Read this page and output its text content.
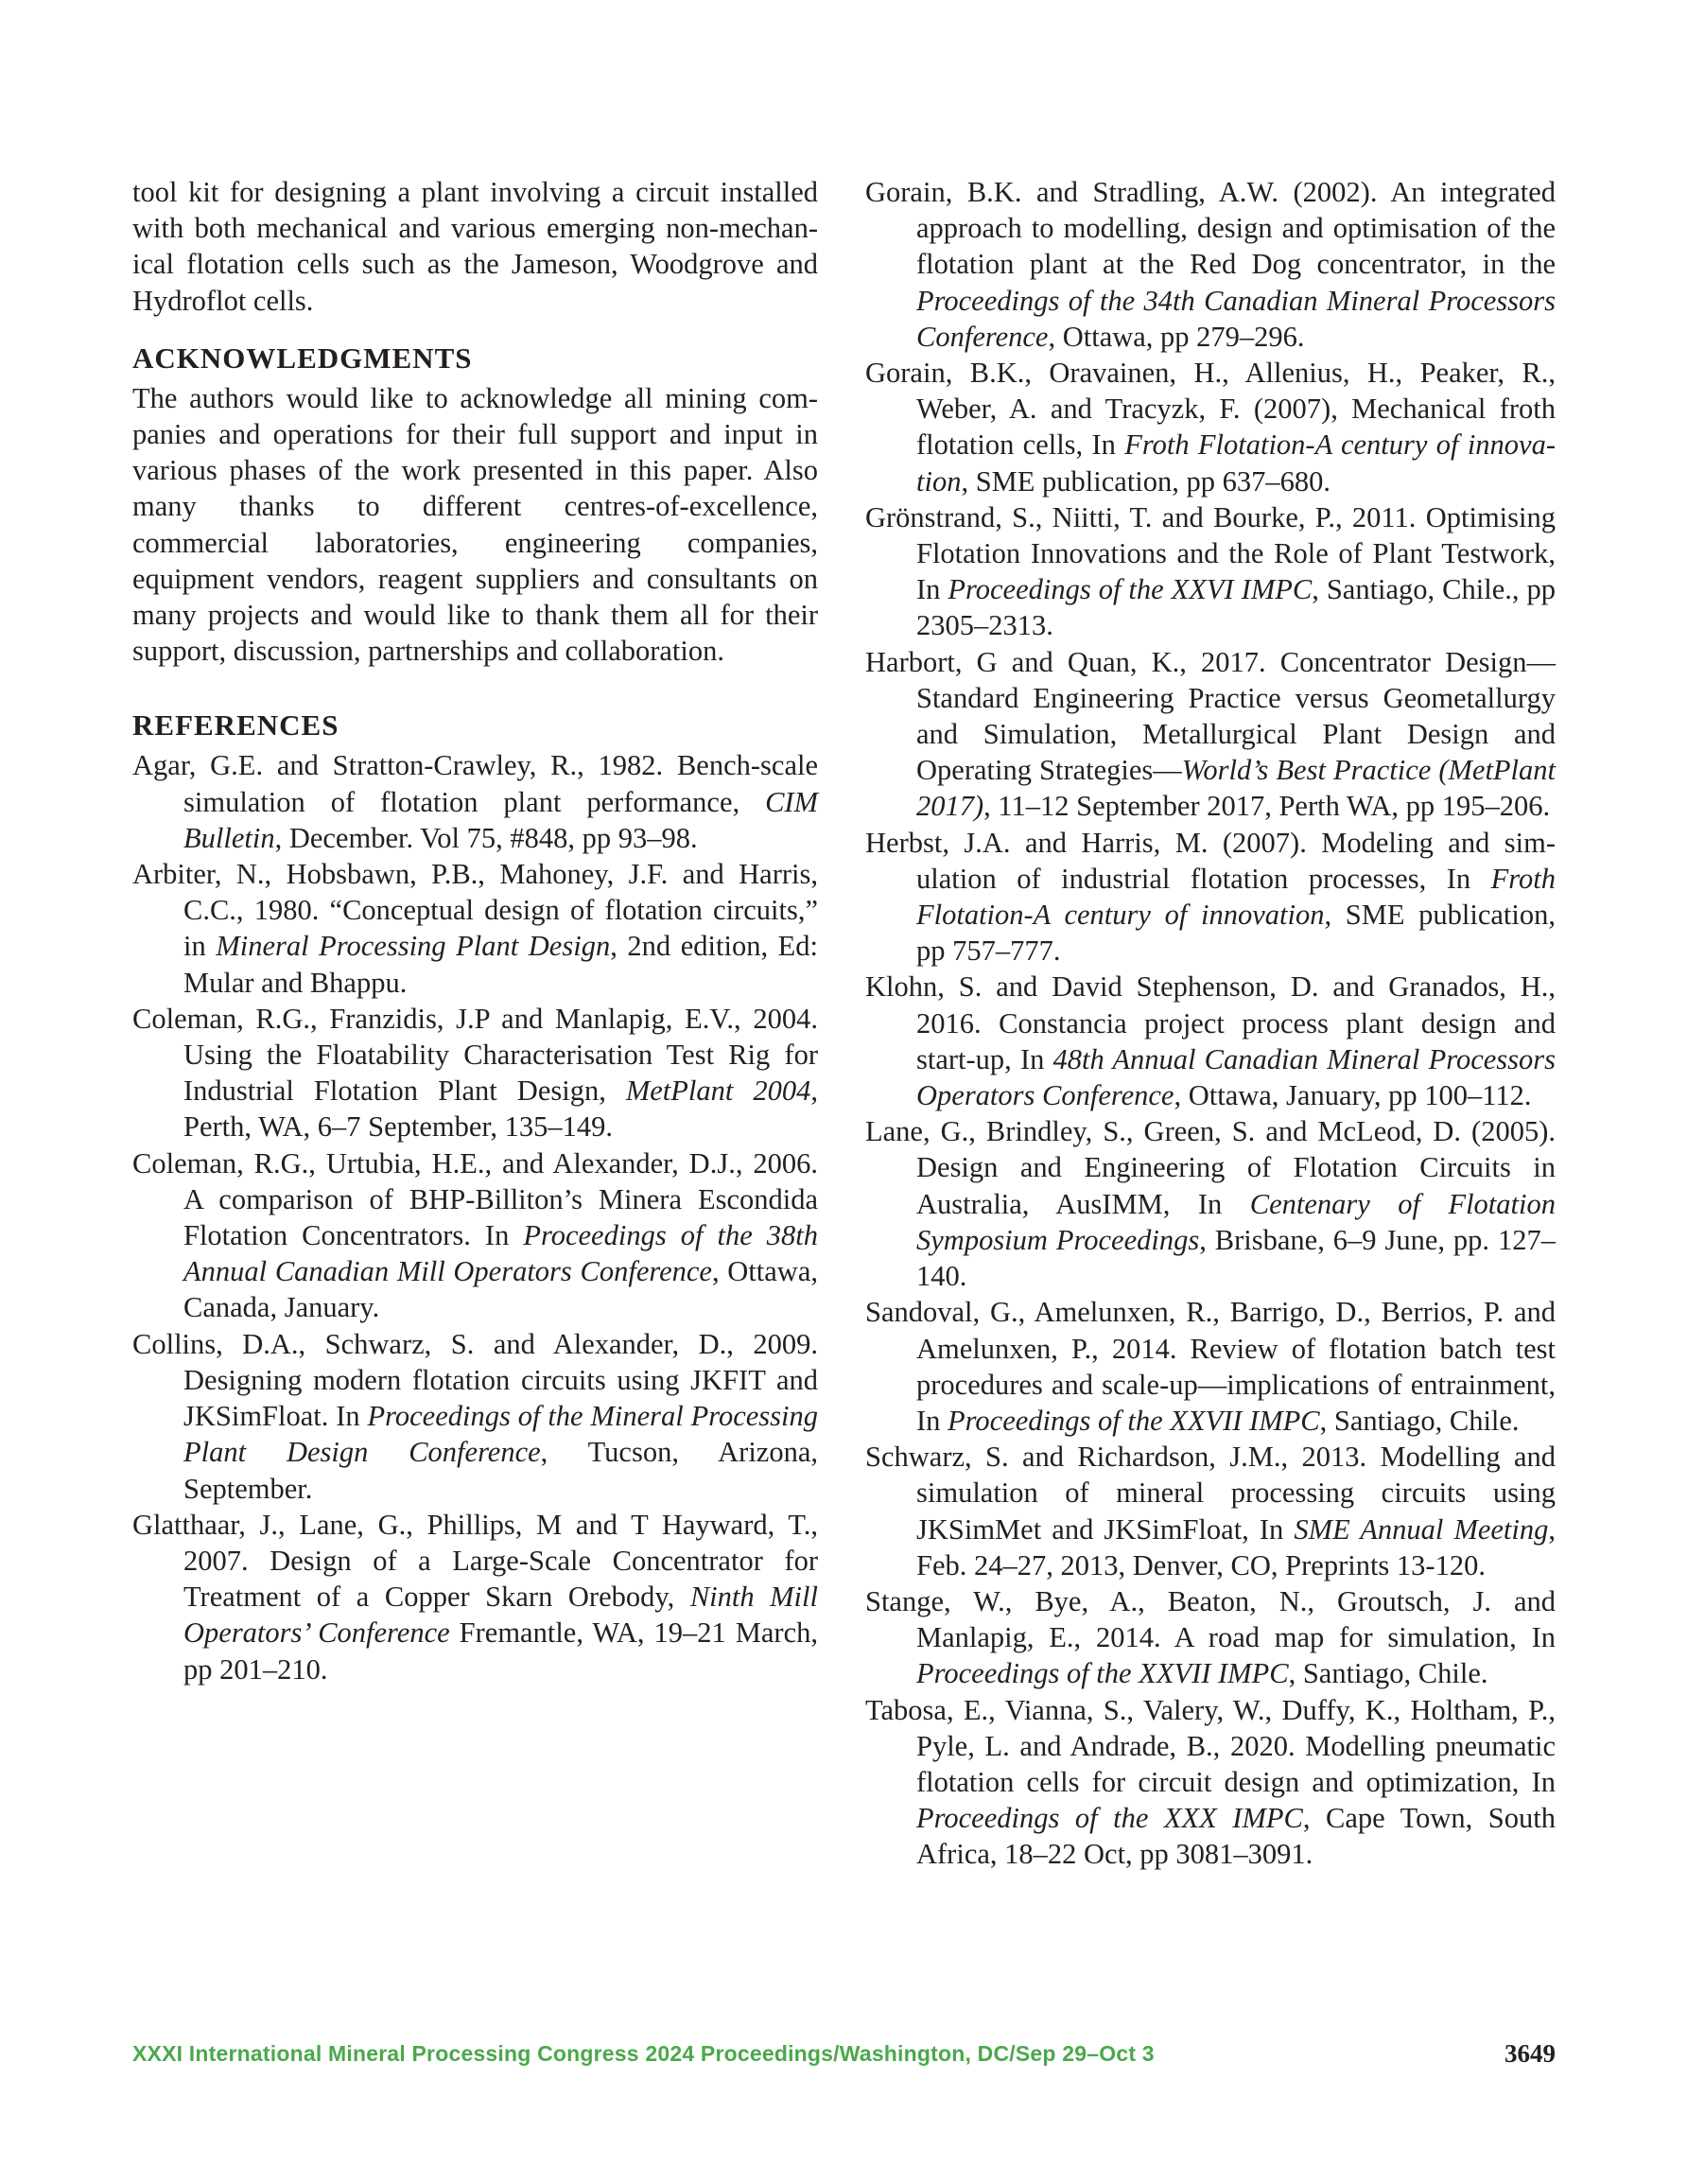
tool kit for designing a plant involving a circuit installed with both mechanical and various emerging non-mechanical flotation cells such as the Jameson, Woodgrove and Hydroflot cells.

ACKNOWLEDGMENTS

The authors would like to acknowledge all mining companies and operations for their full support and input in various phases of the work presented in this paper. Also many thanks to different centres-of-excellence, commercial laboratories, engineering companies, equipment vendors, reagent suppliers and consultants on many projects and would like to thank them all for their support, discussion, partnerships and collaboration.

REFERENCES

Agar, G.E. and Stratton-Crawley, R., 1982. Bench-scale simulation of flotation plant performance, CIM Bulletin, December. Vol 75, #848, pp 93–98.

Arbiter, N., Hobsbawn, P.B., Mahoney, J.F. and Harris, C.C., 1980. “Conceptual design of flotation circuits,” in Mineral Processing Plant Design, 2nd edition, Ed: Mular and Bhappu.

Coleman, R.G., Franzidis, J.P and Manlapig, E.V., 2004. Using the Floatability Characterisation Test Rig for Industrial Flotation Plant Design, MetPlant 2004, Perth, WA, 6–7 September, 135–149.

Coleman, R.G., Urtubia, H.E., and Alexander, D.J., 2006. A comparison of BHP-Billiton’s Minera Escondida Flotation Concentrators. In Proceedings of the 38th Annual Canadian Mill Operators Conference, Ottawa, Canada, January.

Collins, D.A., Schwarz, S. and Alexander, D., 2009. Designing modern flotation circuits using JKFIT and JKSimFloat. In Proceedings of the Mineral Processing Plant Design Conference, Tucson, Arizona, September.

Glatthaar, J., Lane, G., Phillips, M and T Hayward, T., 2007. Design of a Large-Scale Concentrator for Treatment of a Copper Skarn Orebody, Ninth Mill Operators’ Conference Fremantle, WA, 19–21 March, pp 201–210.

Gorain, B.K. and Stradling, A.W. (2002). An integrated approach to modelling, design and optimisation of the flotation plant at the Red Dog concentrator, in the Proceedings of the 34th Canadian Mineral Processors Conference, Ottawa, pp 279–296.

Gorain, B.K., Oravainen, H., Allenius, H., Peaker, R., Weber, A. and Tracyzk, F. (2007), Mechanical froth flotation cells, In Froth Flotation-A century of innovation, SME publication, pp 637–680.

Grönstrand, S., Niitti, T. and Bourke, P., 2011. Optimising Flotation Innovations and the Role of Plant Testwork, In Proceedings of the XXVI IMPC, Santiago, Chile., pp 2305–2313.

Harbort, G and Quan, K., 2017. Concentrator Design—Standard Engineering Practice versus Geometallurgy and Simulation, Metallurgical Plant Design and Operating Strategies—World’s Best Practice (MetPlant 2017), 11–12 September 2017, Perth WA, pp 195–206.

Herbst, J.A. and Harris, M. (2007). Modeling and simulation of industrial flotation processes, In Froth Flotation-A century of innovation, SME publication, pp 757–777.

Klohn, S. and David Stephenson, D. and Granados, H., 2016. Constancia project process plant design and start-up, In 48th Annual Canadian Mineral Processors Operators Conference, Ottawa, January, pp 100–112.

Lane, G., Brindley, S., Green, S. and McLeod, D. (2005). Design and Engineering of Flotation Circuits in Australia, AusIMM, In Centenary of Flotation Symposium Proceedings, Brisbane, 6–9 June, pp. 127–140.

Sandoval, G., Amelunxen, R., Barrigo, D., Berrios, P. and Amelunxen, P., 2014. Review of flotation batch test procedures and scale-up—implications of entrainment, In Proceedings of the XXVII IMPC, Santiago, Chile.

Schwarz, S. and Richardson, J.M., 2013. Modelling and simulation of mineral processing circuits using JKSimMet and JKSimFloat, In SME Annual Meeting, Feb. 24–27, 2013, Denver, CO, Preprints 13-120.

Stange, W., Bye, A., Beaton, N., Groutsch, J. and Manlapig, E., 2014. A road map for simulation, In Proceedings of the XXVII IMPC, Santiago, Chile.

Tabosa, E., Vianna, S., Valery, W., Duffy, K., Holtham, P., Pyle, L. and Andrade, B., 2020. Modelling pneumatic flotation cells for circuit design and optimization, In Proceedings of the XXX IMPC, Cape Town, South Africa, 18–22 Oct, pp 3081–3091.

XXXI International Mineral Processing Congress 2024 Proceedings/Washington, DC/Sep 29–Oct 3	3649
